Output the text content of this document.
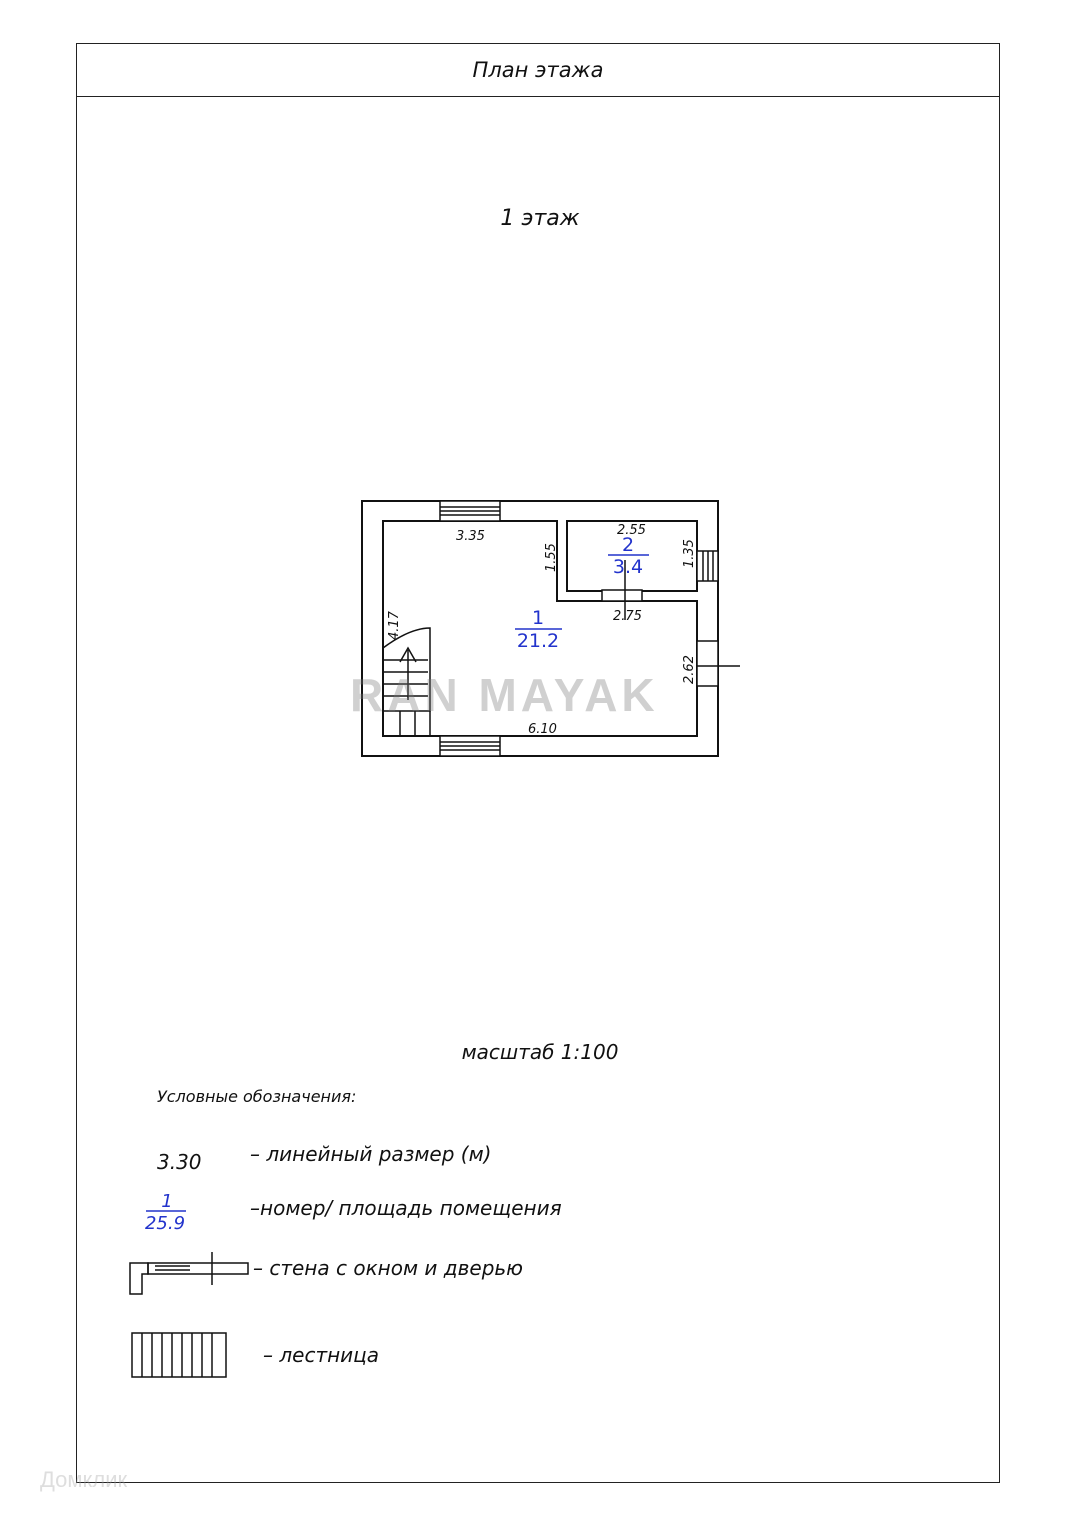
План этажа
1 этаж
3.35	2.55
1.55	1.35
2.75
4.17
2.62
6.10
1
21.2
2
3.4
1
25.9
RAN MAYAK
масштаб 1:100
Условные обозначения:
3.30 – линейный размер (м)
–номер/ площадь помещения
– стена с окном и дверью
– лестница
Домклик
